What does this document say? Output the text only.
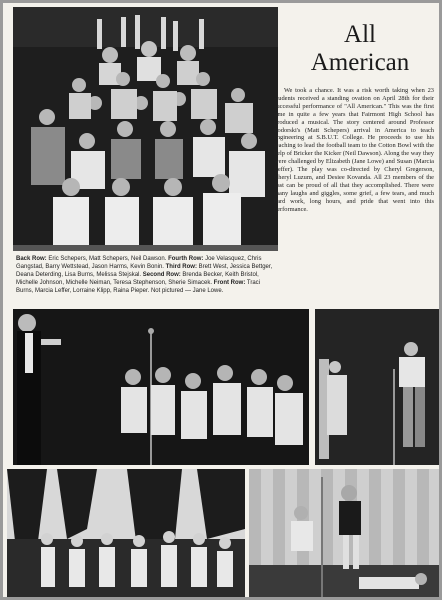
All
American
We took a chance. It was a risk worth taking when 23 students received a standing ovation on April 28th for their successful performance of "All American." This was the first time in quite a few years that Fairmont High School has produced a musical. The story centered around Professor Fodorski's (Matt Schepers) arrival in America to teach engineering at S.B.U.T. College. He proceeds to use his teaching to lead the football team to the Cotton Bowl with the help of Bricker the Kicker (Neil Dawson). Along the way they were challenged by Elizabeth (Jane Lowe) and Susan (Marcia Leffer). The play was co-directed by Cheryl Gregerson, Cheryl Luzum, and Desiee Kovanda. All 23 members of the cast can be proud of all that they accomplished. There were many laughs and giggles, some grief, a few tears, and much hard work, long hours, and pride that went into this performance.
Back Row: Eric Schepers, Matt Schepers, Neil Dawson. Fourth Row: Joe Velasquez, Chris Gangstad, Barry Wettstead, Jason Harms, Kevin Bonin. Third Row: Brett West, Jessica Bettger, Deana Deterding, Lisa Burns, Melissa Stejskal. Second Row: Brenda Becker, Keith Bristol, Michelle Johnson, Michelle Neiman, Teresa Stephenson, Sherie Simacek. Front Row: Traci Burns, Marcia Leffer, Lorraine Klipp, Raina Pieper. Not pictured — Jane Lowe.
